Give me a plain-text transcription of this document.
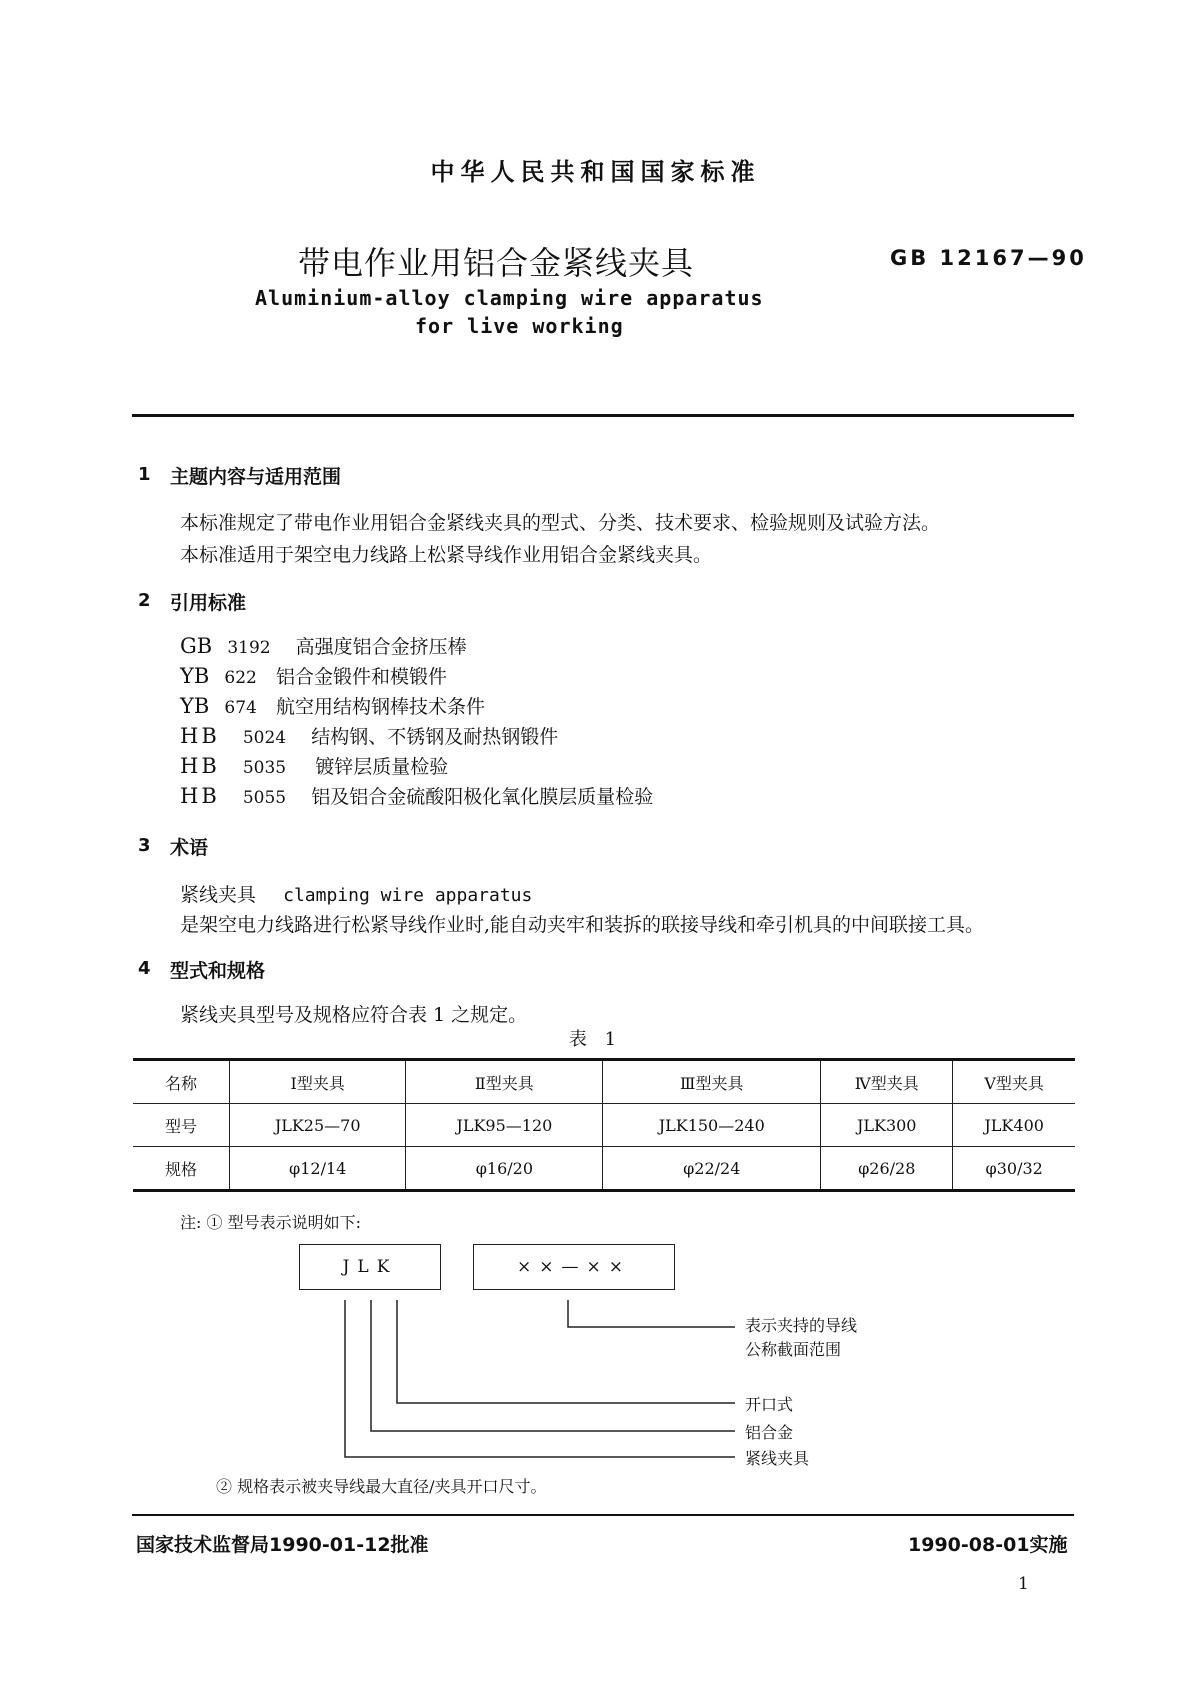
中华人民共和国国家标准
带电作业用铝合金紧线夹具	GB 12167—90
Aluminium-alloy clamping wire apparatus
for live working
1 主题内容与适用范围
本标准规定了带电作业用铝合金紧线夹具的型式、分类、技术要求、检验规则及试验方法。
本标准适用于架空电力线路上松紧导线作业用铝合金紧线夹具。
2 引用标准
GB 3192 高强度铝合金挤压棒
YB 622 铝合金锻件和模锻件
YB 674 航空用结构钢棒技术条件
HB 5024 结构钢、不锈钢及耐热钢锻件
HB 5035 镀锌层质量检验
HB 5055 铝及铝合金硫酸阳极化氧化膜层质量检验
3 术语
紧线夹具 clamping wire apparatus
是架空电力线路进行松紧导线作业时,能自动夹牢和装拆的联接导线和牵引机具的中间联接工具。
4 型式和规格
紧线夹具型号及规格应符合表 1 之规定。
表 1
名称	Ⅰ型夹具	Ⅱ型夹具	Ⅲ型夹具	Ⅳ型夹具	Ⅴ型夹具
型号	JLK25—70	JLK95—120	JLK150—240	JLK300	JLK400
规格	φ12/14	φ16/20	φ22/24	φ26/28	φ30/32
注: ① 型号表示说明如下:
JLK	××—××
表示夹持的导线
公称截面范围
开口式
铝合金
紧线夹具
② 规格表示被夹导线最大直径/夹具开口尺寸。
国家技术监督局1990-01-12批准	1990-08-01实施
1
